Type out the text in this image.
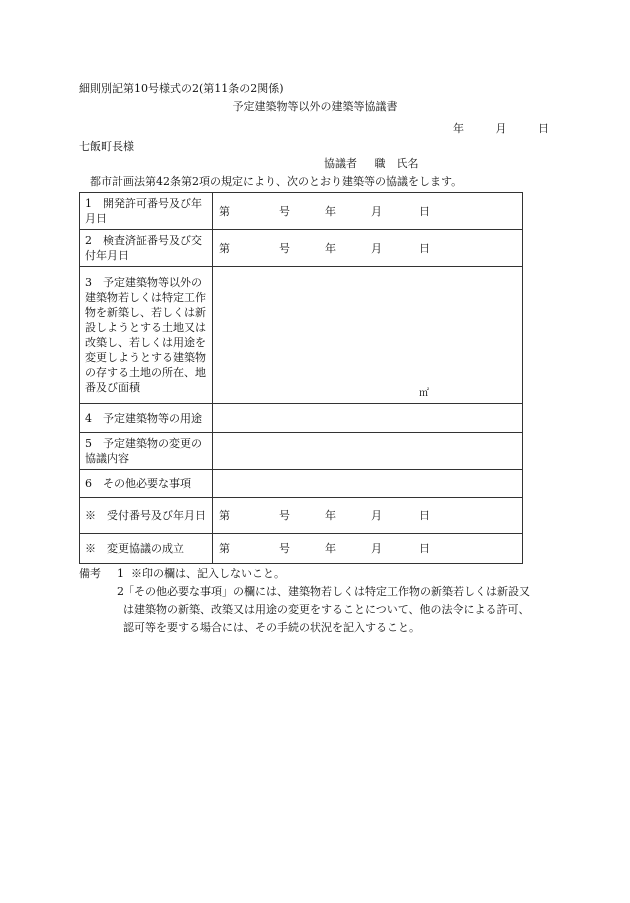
細則別記第10号様式の2(第11条の2関係)
予定建築物等以外の建築等協議書
年	月	日
七飯町長様
協議者 職　氏名
都市計画法第42条第2項の規定により、次のとおり建築等の協議をします。
1　開発許可番号及び年月日	第 号 年 月 日

2　検査済証番号及び交付年月日	第 号 年 月 日

3　予定建築物等以外の建築物若しくは特定工作物を新築し、若しくは新設しようとする土地又は改築し、若しくは用途を変更しようとする建築物の存する土地の所在、地番及び面積	㎡

4　予定建築物等の用途	

5　予定建築物の変更の協議内容	

6　その他必要な事項	

※　受付番号及び年月日	第 号 年 月 日

※　変更協議の成立	第 号 年 月 日
備考 1 ※印の欄は、記入しないこと。
2 「その他必要な事項」の欄には、建築物若しくは特定工作物の新築若しくは新設又は建築物の新築、改築又は用途の変更をすることについて、他の法令による許可、認可等を要する場合には、その手続の状況を記入すること。
